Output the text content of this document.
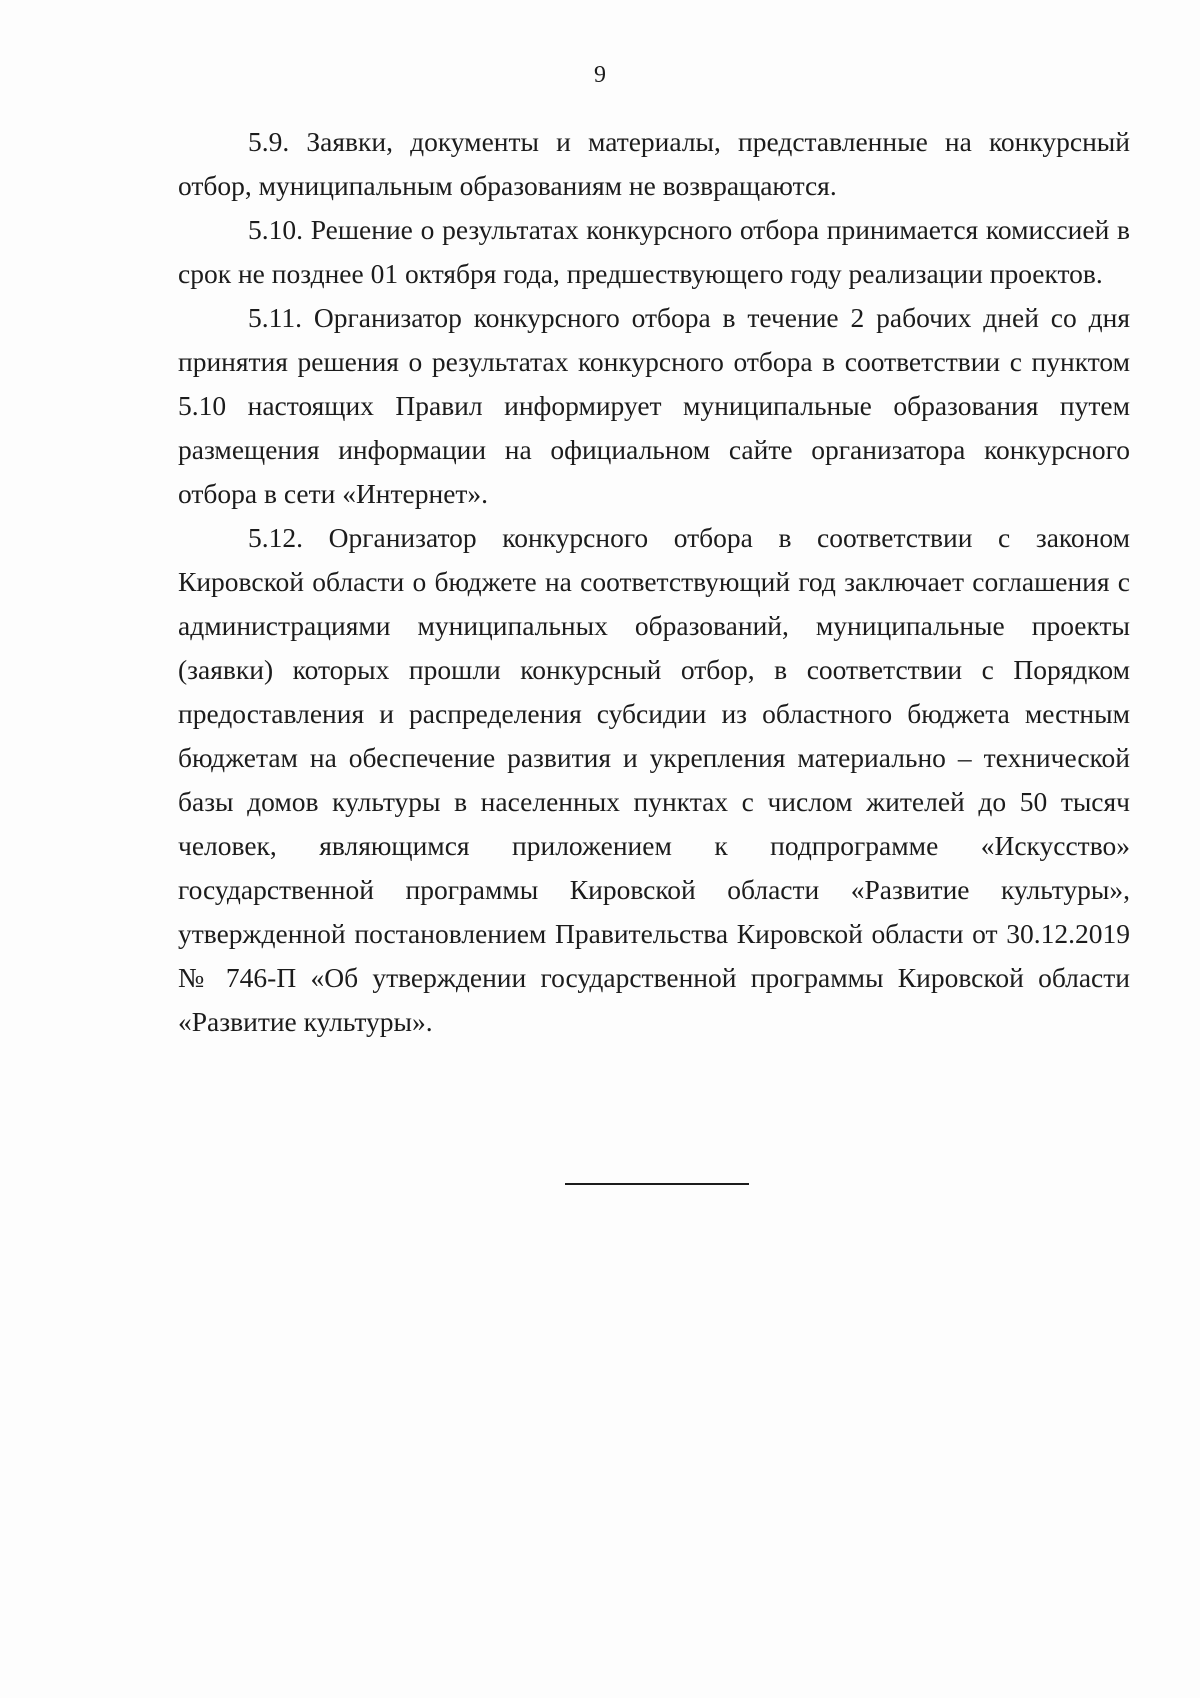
9

5.9. Заявки, документы и материалы, представленные на конкурсный отбор, муниципальным образованиям не возвращаются.

5.10. Решение о результатах конкурсного отбора принимается комиссией в срок не позднее 01 октября года, предшествующего году реализации проектов.

5.11. Организатор конкурсного отбора в течение 2 рабочих дней со дня принятия решения о результатах конкурсного отбора в соответствии с пунктом 5.10 настоящих Правил информирует муниципальные образования путем размещения информации на официальном сайте организатора конкурсного отбора в сети «Интернет».

5.12. Организатор конкурсного отбора в соответствии с законом Кировской области о бюджете на соответствующий год заключает соглашения с администрациями муниципальных образований, муниципальные проекты (заявки) которых прошли конкурсный отбор, в соответствии с Порядком предоставления и распределения субсидии из областного бюджета местным бюджетам на обеспечение развития и укрепления материально – технической базы домов культуры в населенных пунктах с числом жителей до 50 тысяч человек, являющимся приложением к подпрограмме «Искусство» государственной программы Кировской области «Развитие культуры», утвержденной постановлением Правительства Кировской области от 30.12.2019 № 746-П «Об утверждении государственной программы Кировской области «Развитие культуры».
